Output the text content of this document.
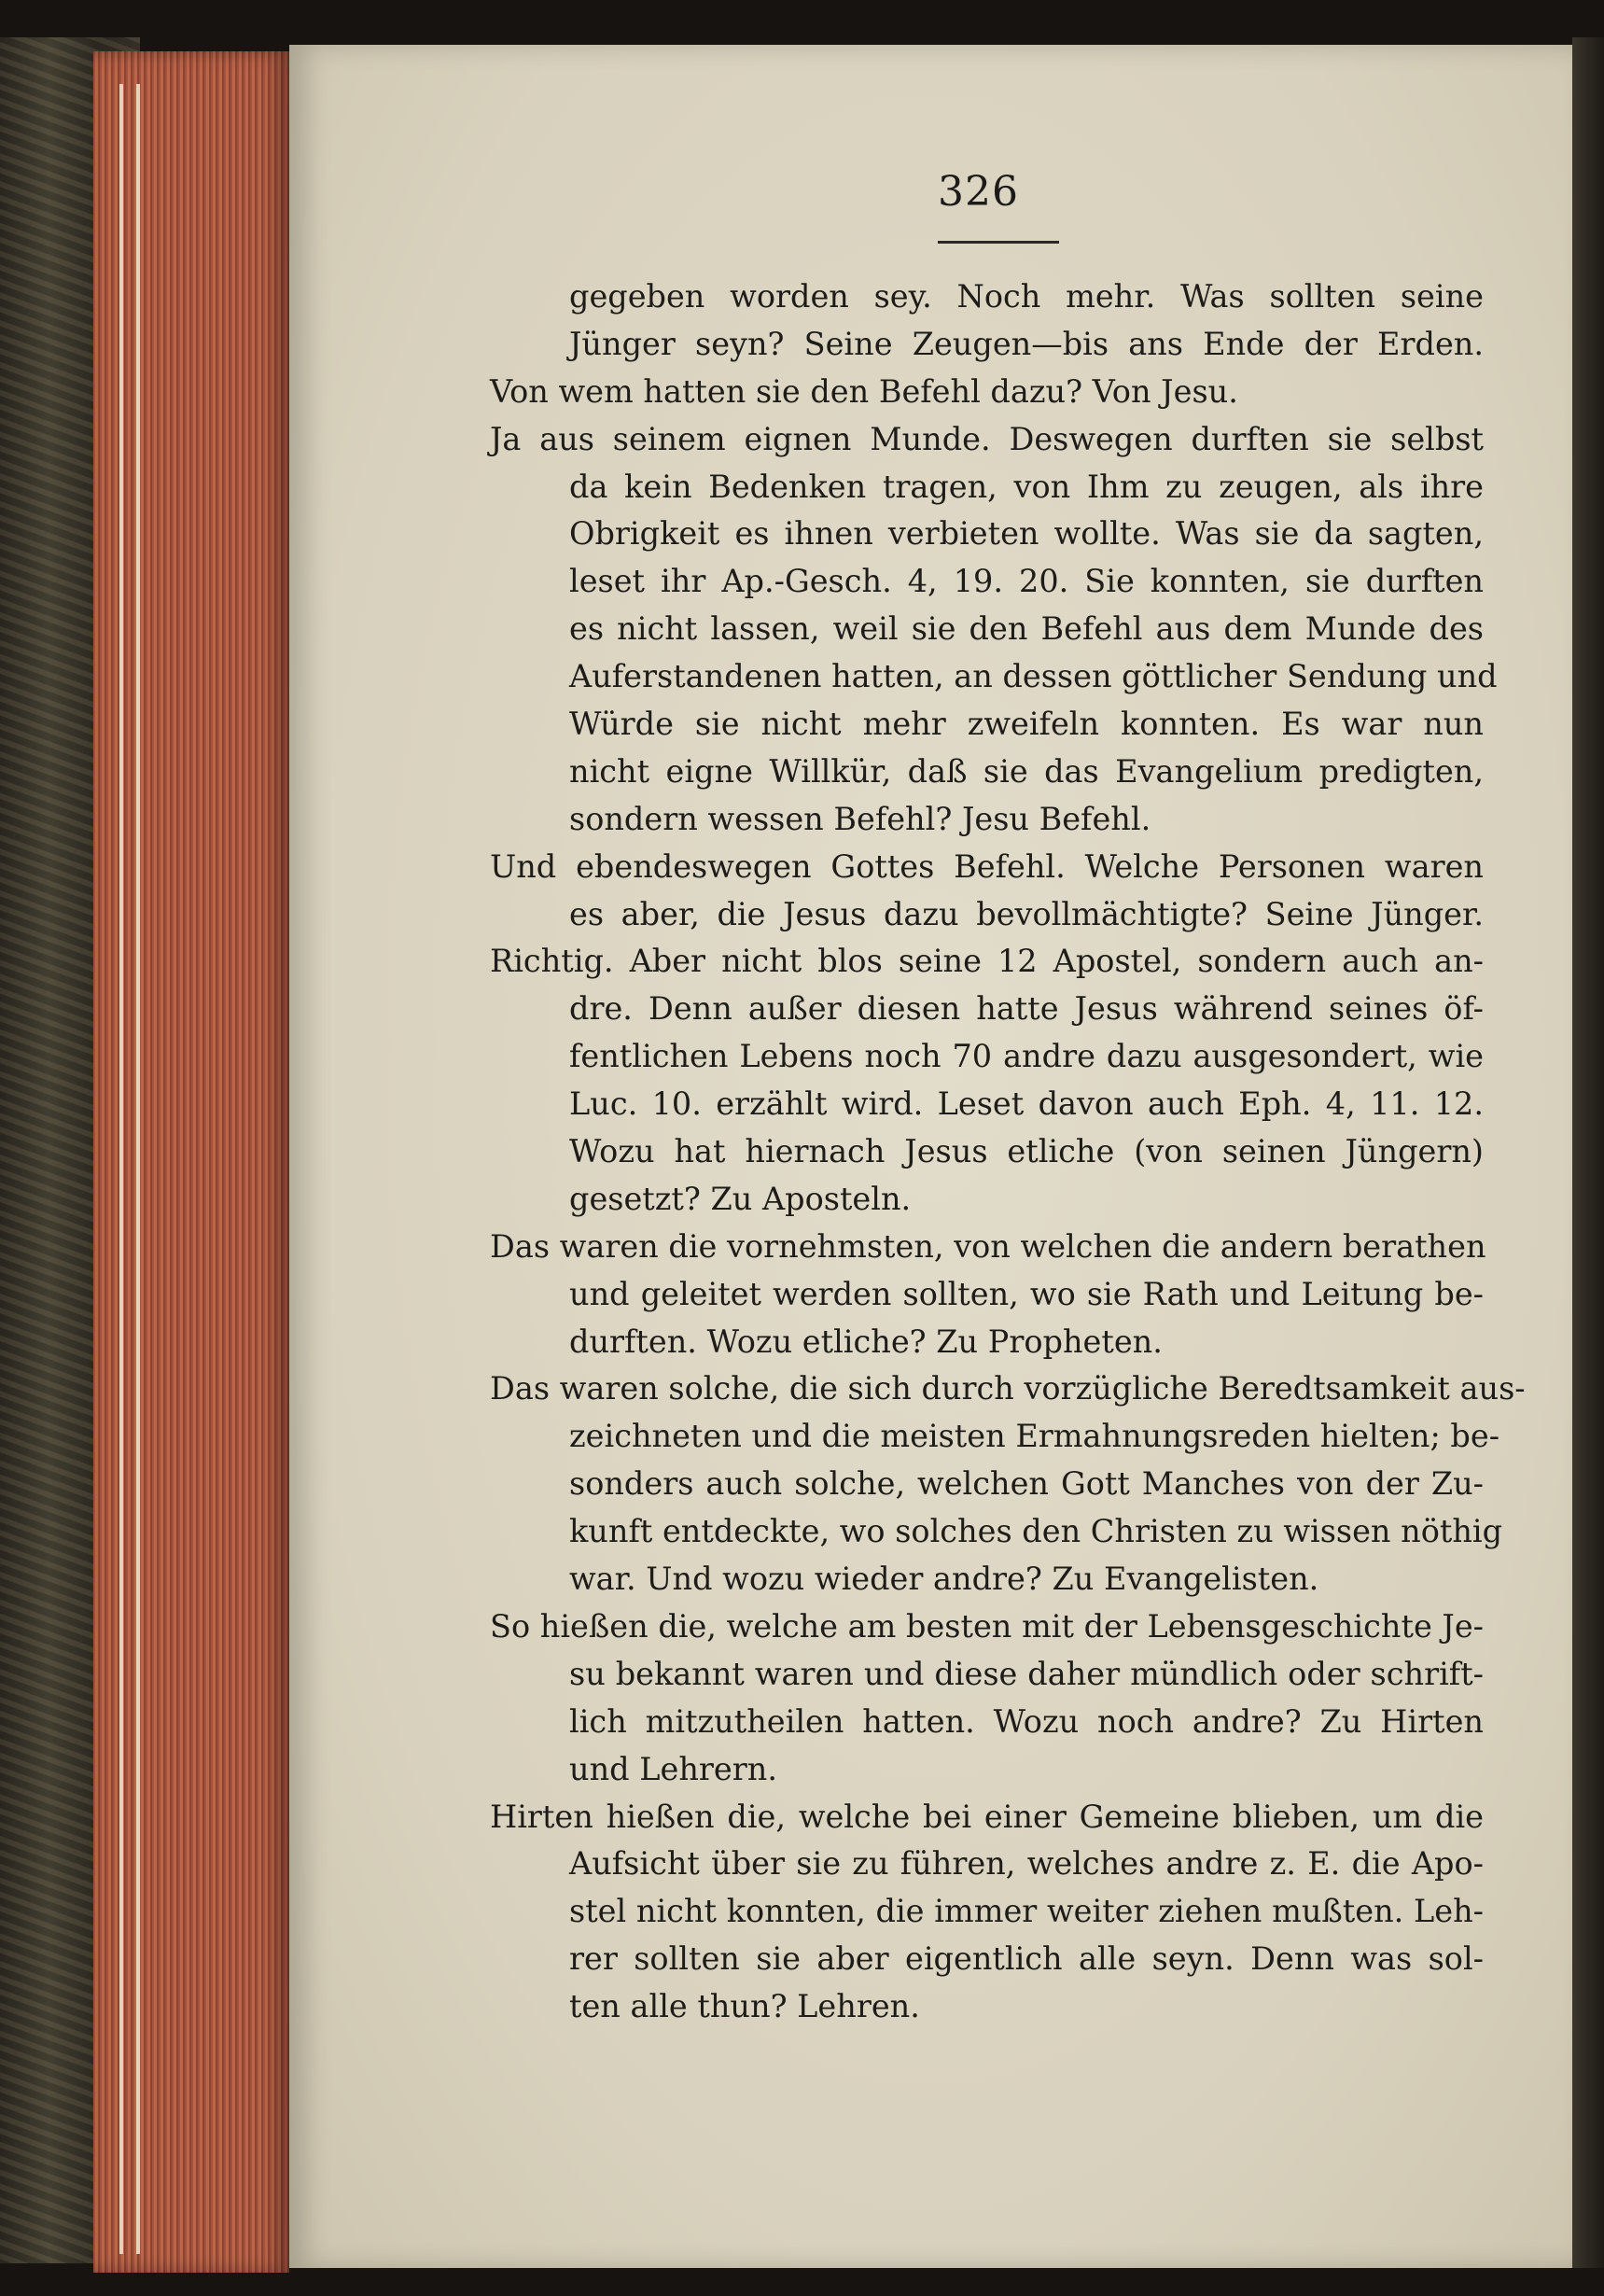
326
gegeben worden sey. Noch mehr. Was sollten seine
Jünger seyn? Seine Zeugen—bis ans Ende der Erden.
Von wem hatten sie den Befehl dazu? Von Jesu.
Ja aus seinem eignen Munde. Deswegen durften sie selbst
da kein Bedenken tragen, von Ihm zu zeugen, als ihre
Obrigkeit es ihnen verbieten wollte. Was sie da sagten,
leset ihr Ap.-Gesch. 4, 19. 20. Sie konnten, sie durften
es nicht lassen, weil sie den Befehl aus dem Munde des
Auferstandenen hatten, an dessen göttlicher Sendung und
Würde sie nicht mehr zweifeln konnten. Es war nun
nicht eigne Willkür, daß sie das Evangelium predigten,
sondern wessen Befehl? Jesu Befehl.
Und ebendeswegen Gottes Befehl. Welche Personen waren
es aber, die Jesus dazu bevollmächtigte? Seine Jünger.
Richtig. Aber nicht blos seine 12 Apostel, sondern auch an-
dre. Denn außer diesen hatte Jesus während seines öf-
fentlichen Lebens noch 70 andre dazu ausgesondert, wie
Luc. 10. erzählt wird. Leset davon auch Eph. 4, 11. 12.
Wozu hat hiernach Jesus etliche (von seinen Jüngern)
gesetzt? Zu Aposteln.
Das waren die vornehmsten, von welchen die andern berathen
und geleitet werden sollten, wo sie Rath und Leitung be-
durften. Wozu etliche? Zu Propheten.
Das waren solche, die sich durch vorzügliche Beredtsamkeit aus-
zeichneten und die meisten Ermahnungsreden hielten; be-
sonders auch solche, welchen Gott Manches von der Zu-
kunft entdeckte, wo solches den Christen zu wissen nöthig
war. Und wozu wieder andre? Zu Evangelisten.
So hießen die, welche am besten mit der Lebensgeschichte Je-
su bekannt waren und diese daher mündlich oder schrift-
lich mitzutheilen hatten. Wozu noch andre? Zu Hirten
und Lehrern.
Hirten hießen die, welche bei einer Gemeine blieben, um die
Aufsicht über sie zu führen, welches andre z. E. die Apo-
stel nicht konnten, die immer weiter ziehen mußten. Leh-
rer sollten sie aber eigentlich alle seyn. Denn was sol-
ten alle thun? Lehren.
